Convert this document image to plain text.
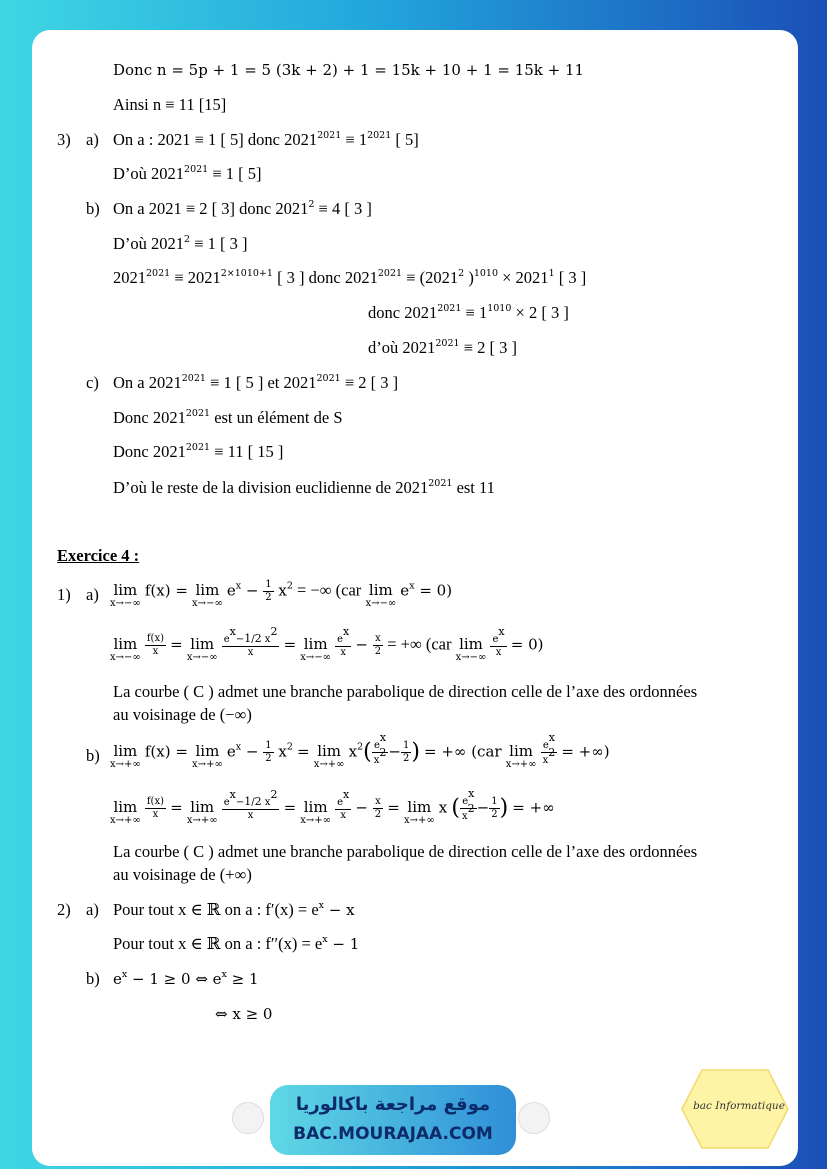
Donc n = 5p + 1 = 5 (3k + 2) + 1 = 15k + 10 + 1 = 15k + 11
Ainsi n ≡ 11 [15]
3) a) On a : 2021 ≡ 1 [ 5] donc $2021^{2021} \equiv 1^{2021}$ [ 5]
D’où $2021^{2021} \equiv 1$ [ 5]
b) On a 2021 ≡ 2 [ 3] donc $2021^2 \equiv 4$ [ 3 ]
D’où $2021^2 \equiv 1$ [ 3 ]
$2021^{2021} \equiv 2021^{2\times 1010+1}$ [ 3 ] donc $2021^{2021} \equiv (2021^2$ )$^{1010} \times 2021^1$ [ 3 ]
donc $2021^{2021} \equiv 1^{1010} \times 2$ [ 3 ]
d’où $2021^{2021} \equiv 2$ [ 3 ]
c) On a $2021^{2021} \equiv 1$ [ 5 ] et $2021^{2021} \equiv 2$ [ 3 ]
Donc $2021^{2021}$ est un élément de S
Donc $2021^{2021} \equiv 11$ [ 15 ]
D’où le reste de la division euclidienne de $2021^{2021}$ est 11
Exercice 4 :
1) a) lim
x→−∞
f(x) = lim
x→−∞
$e^x - \frac{1}{2} x^2$ = −∞ (car lim
x→−∞
$e^x = 0$)
lim
x→−∞
$\frac{f(x)}{x} = \lim$
x→−∞
$\frac{e^x-1/2 x^2}{x} = \lim$
x→−∞
$\frac{e^x}{x} - \frac{x}{2}$ = +∞ (car lim
x→−∞
$\frac{e^x}{x} = 0$)
La courbe ( C ) admet une branche parabolique de direction celle de l’axe des ordonnées
au voisinage de (−∞)
b) lim
x→+∞
f(x) = lim
x→+∞
$e^x - \frac{1}{2} x^2 = \lim$
x→+∞
$x^2( \frac{e^x}{x^2} - \frac{1}{2}$ ) = +∞ (car lim
x→+∞
$\frac{e^x}{x^2}$ = +∞)
lim
x→+∞
$\frac{f(x)}{x} = \lim$
x→+∞
$\frac{e^x-1/2 x^2}{x} = \lim$
x→+∞
$\frac{e^x}{x} - \frac{x}{2} = \lim$
x→+∞
x ( $\frac{e^x}{x^2} - \frac{1}{2}$ ) = +∞
La courbe ( C ) admet une branche parabolique de direction celle de l’axe des ordonnées
au voisinage de (+∞)
2) a) Pour tout x ∈ ℝ on a : $f'(x) = e^x - x$
Pour tout x ∈ ℝ on a : $f''(x) = e^x - 1$
b) $e^x - 1 \ge 0$ ⇔ $e^x \ge 1$
⇔ x ≥ 0
موقع مراجعة باكالوريا
BAC.MOURAJAA.COM
bac Informatique
